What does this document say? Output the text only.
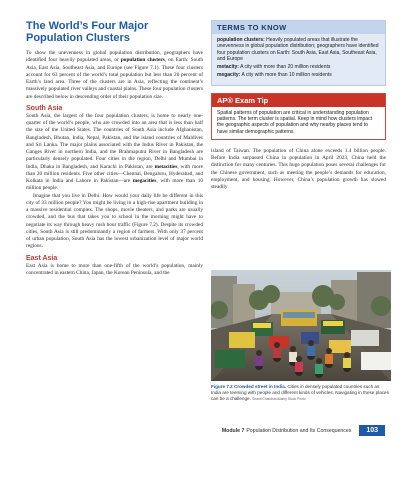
The World’s Four Major Population Clusters

To show the unevenness in global population distribution, geographers have identified four heavily populated areas, or population clusters, on Earth: South Asia, East Asia, Southeast Asia, and Europe (see Figure 7.1). These four clusters account for 63 percent of the world’s total population but less than 20 percent of Earth’s land area. Three of the clusters are in Asia, reflecting the continent’s massively populated river valleys and coastal plains. These four population clusters are described below in descending order of their population size.

South Asia

South Asia, the largest of the four population clusters, is home to nearly one-quarter of the world’s people, who are crowded into an area that is less than half the size of the United States. The countries of South Asia include Afghanistan, Bangladesh, Bhutan, India, Nepal, Pakistan, and the island countries of Maldives and Sri Lanka. The major plains associated with the Indus River in Pakistan, the Ganges River in northern India, and the Brahmaputra River in Bangladesh are particularly densely populated. Four cities in the region, Delhi and Mumbai in India, Dhaka in Bangladesh, and Karachi in Pakistan, are metacities, with more than 20 million residents. Five other cities—Chennai, Bengaluru, Hyderabad, and Kolkata in India and Lahore in Pakistan—are megacities, with more than 10 million people.

Imagine that you live in Delhi. How would your daily life be different in this city of 33 million people? You might be living in a high-rise apartment building in a massive residential complex. The shops, movie theaters, and parks are usually crowded, and the bus that takes you to school in the morning might have to negotiate its way through heavy rush hour traffic (Figure 7.2). Despite its crowded cities, South Asia is still predominantly a region of farmers. With only 37 percent of urban population, South Asia has the lowest urbanization level of major world regions.

East Asia

East Asia is home to more than one-fifth of the world’s population, mainly concentrated in eastern China, Japan, the Korean Peninsula, and the

TERMS TO KNOW
population clusters: Heavily populated areas that illustrate the unevenness in global population distribution; geographers have identified four population clusters on Earth: South Asia, East Asia, Southeast Asia, and Europe
metacity: A city with more than 20 million residents
megacity: A city with more than 10 million residents
AP® Exam Tip
Spatial patterns of population are critical in understanding population patterns. The term cluster is spatial. Keep in mind how clusters impact the geographic aspects of population and why nearby places tend to have similar demographic patterns.

island of Taiwan. The population of China alone exceeds 1.4 billion people. Before India surpassed China in population in April 2023, China held the distinction for many centuries. This huge population poses several challenges for the Chinese government, such as meeting the people’s demands for education, employment, and housing. However, China’s population growth has slowed steadily

Figure 7.2 Crowded street in India. Cities in densely populated countries such as India are teeming with people and different kinds of vehicles. Navigating in these places can be a challenge. Shanti Chandran/Alamy Stock Photo
Module 7 Population Distribution and Its Consequences	103
